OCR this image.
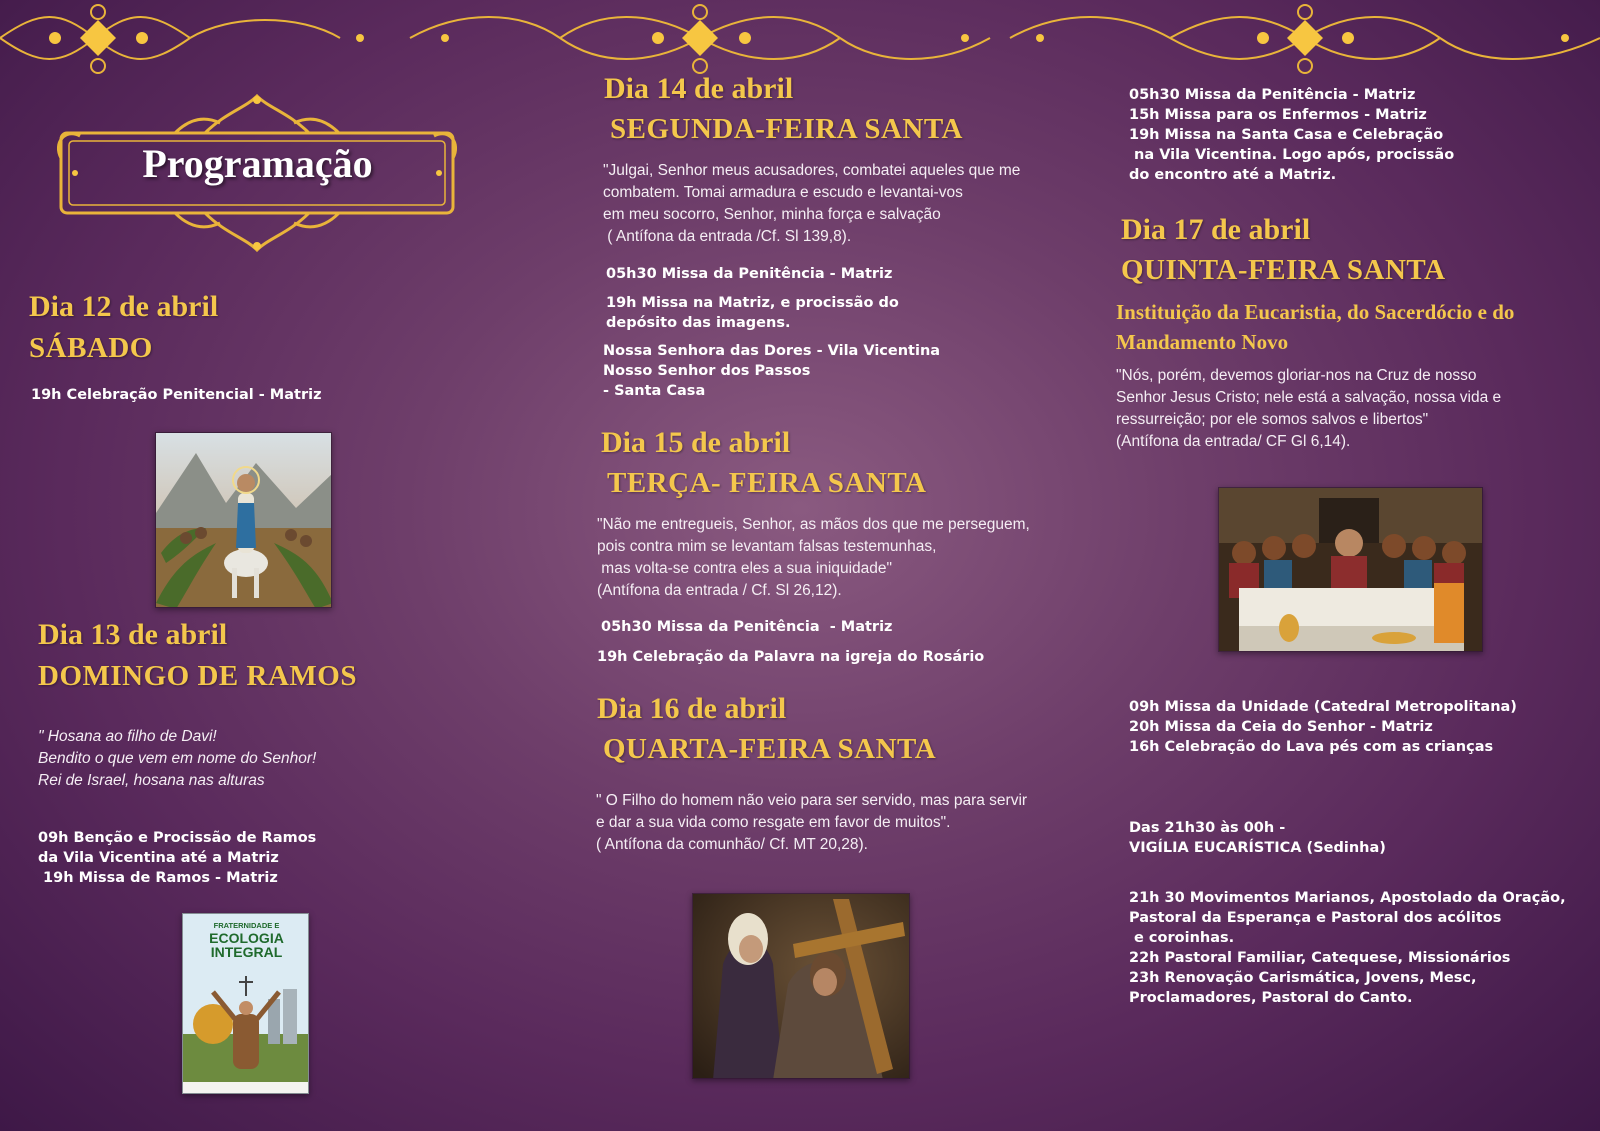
Programação
Dia 12 de abril
SÁBADO
19h Celebração Penitencial - Matriz
Dia 13 de abril
DOMINGO DE RAMOS
" Hosana ao filho de Davi!
Bendito o que vem em nome do Senhor!
Rei de Israel, hosana nas alturas
09h Benção e Procissão de Ramos
da Vila Vicentina até a Matriz
19h Missa de Ramos - Matriz
FRATERNIDADE E
ECOLOGIA
INTEGRAL
Dia 14 de abril
SEGUNDA-FEIRA SANTA
"Julgai, Senhor meus acusadores, combatei aqueles que me
combatem. Tomai armadura e escudo e levantai-vos
em meu socorro, Senhor, minha força e salvação
( Antífona da entrada /Cf. Sl 139,8).
05h30 Missa da Penitência - Matriz
19h Missa na Matriz, e procissão do
depósito das imagens.
Nossa Senhora das Dores - Vila Vicentina
Nosso Senhor dos Passos
- Santa Casa
Dia 15 de abril
TERÇA- FEIRA SANTA
"Não me entregueis, Senhor, as mãos dos que me perseguem,
pois contra mim se levantam falsas testemunhas,
mas volta-se contra eles a sua iniquidade"
(Antífona da entrada / Cf. Sl 26,12).
05h30 Missa da Penitência  - Matriz
19h Celebração da Palavra na igreja do Rosário
Dia 16 de abril
QUARTA-FEIRA SANTA
" O Filho do homem não veio para ser servido, mas para servir
e dar a sua vida como resgate em favor de muitos".
( Antífona da comunhão/ Cf. MT 20,28).
05h30 Missa da Penitência - Matriz
15h Missa para os Enfermos - Matriz
19h Missa na Santa Casa e Celebração
na Vila Vicentina. Logo após, procissão
do encontro até a Matriz.
Dia 17 de abril
QUINTA-FEIRA SANTA
Instituição da Eucaristia, do Sacerdócio e do Mandamento Novo
"Nós, porém, devemos gloriar-nos na Cruz de nosso
Senhor Jesus Cristo; nele está a salvação, nossa vida e
ressurreição; por ele somos salvos e libertos"
(Antífona da entrada/ CF Gl 6,14).
09h Missa da Unidade (Catedral Metropolitana)
20h Missa da Ceia do Senhor - Matriz
16h Celebração do Lava pés com as crianças
Das 21h30 às 00h -
VIGÍLIA EUCARÍSTICA (Sedinha)
21h 30 Movimentos Marianos, Apostolado da Oração,
Pastoral da Esperança e Pastoral dos acólitos
e coroinhas.
22h Pastoral Familiar, Catequese, Missionários
23h Renovação Carismática, Jovens, Mesc,
Proclamadores, Pastoral do Canto.
